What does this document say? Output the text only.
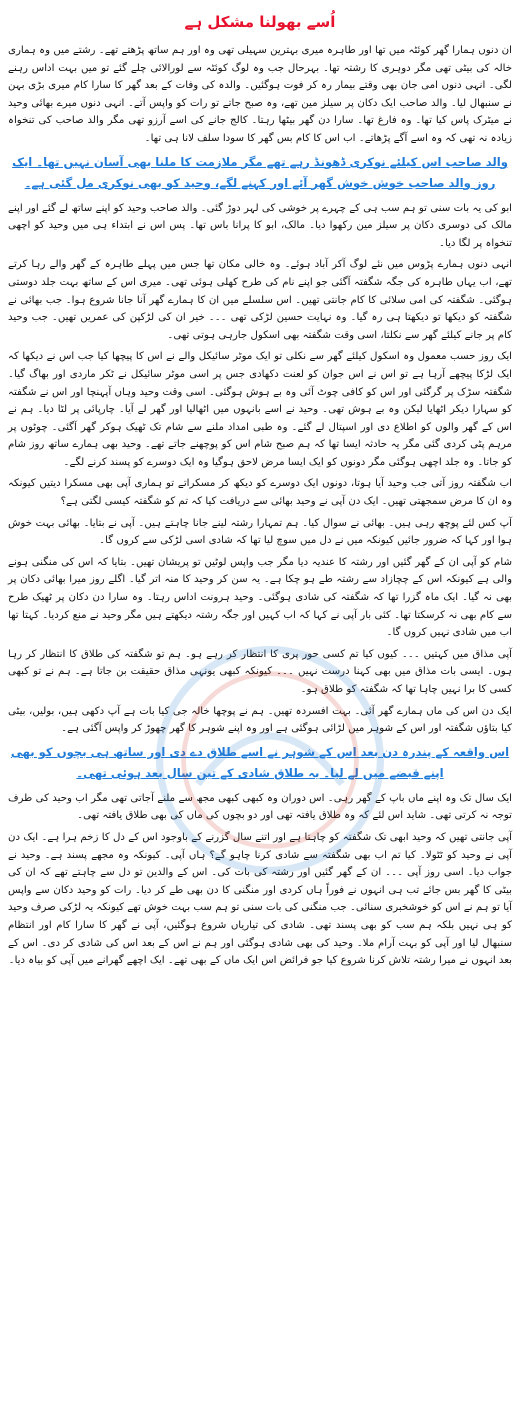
اُسے بھولنا مشکل ہے

ان دنوں ہمارا گھر کوئٹہ میں تھا اور طاہرہ میری بہترین سہیلی تھی وہ اور ہم ساتھ پڑھتے تھے۔ رشتے میں وہ ہماری خالہ کی بیٹی تھی مگر دوہری کا رشتہ تھا۔ بہرحال جب وہ لوگ کوئٹہ سے لورالائی چلے گئے تو میں بہت اداس رہنے لگی۔ انہی دنوں امی جان بھی وقتے بیمار رہ کر فوت ہوگئیں۔ والدہ کی وفات کے بعد گھر کا سارا کام میری بڑی بہن نے سنبھال لیا۔ والد صاحب ایک دکان پر سیلز مین تھے، وہ صبح جاتے تو رات کو واپس آتے۔ انہی دنوں میرے بھائی وحید نے میٹرک پاس کیا تھا۔ وہ فارغ تھا۔ سارا دن گھر بیٹھا رہتا۔ کالج جانے کی اسے آرزو تھی مگر والد صاحب کی تنخواہ زیادہ نہ تھی کہ وہ اسے آگے پڑھاتے۔ اب اس کا کام بس گھر کا سودا سلف لانا ہی تھا۔

والد صاحب اس کیلئے نوکری ڈھونڈ رہے تھے مگر ملازمت کا ملنا بھی آسان نہیں تھا۔ ایک روز والد صاحب خوش خوش گھر آئے اور کہنے لگے، وحید کو بھی نوکری مل گئی ہے۔

ابو کی یہ بات سنی تو ہم سب ہی کے چہرے پر خوشی کی لہر دوڑ گئی۔ والد صاحب وحید کو اپنے ساتھ لے گئے اور اپنے مالک کی دوسری دکان پر سیلز مین رکھوا دیا۔ مالک، ابو کا پرانا باس تھا۔ پس اس نے ابتداء ہی میں وحید کو اچھی تنخواہ پر لگا دیا۔

انہی دنوں ہمارے پڑوس میں نئے لوگ آکر آباد ہوئے۔ وہ خالی مکان تھا جس میں پہلے طاہرہ کے گھر والے رہا کرتے تھے، اب یہاں طاہرہ کی جگہ شگفتہ آگئی جو اپنے نام کی طرح کھلی ہوئی تھی۔ میری اس کے ساتھ بہت جلد دوستی ہوگئی۔ شگفتہ کی امی سلائی کا کام جانتی تھیں۔ اس سلسلے میں ان کا ہمارے گھر آنا جانا شروع ہوا۔ جب بھائی نے شگفتہ کو دیکھا تو دیکھتا ہی رہ گیا۔ وہ نہایت حسین لڑکی تھی ۔۔۔ خیر ان کی لڑکپن کی عمریں تھیں۔ جب وحید کام پر جانے کیلئے گھر سے نکلتا، اسی وقت شگفتہ بھی اسکول جارہی ہوتی تھی۔

ایک روز حسب معمول وہ اسکول کیلئے گھر سے نکلی تو ایک موٹر سائیکل والے نے اس کا پیچھا کیا جب اس نے دیکھا کہ ایک لڑکا پیچھے آرہا ہے تو اس نے اس جوان کو لعنت دکھادی جس پر اسی موٹر سائیکل نے ٹکر ماردی اور بھاگ گیا۔ شگفتہ سڑک پر گرگئی اور اس کو کافی چوٹ آئی وہ بے ہوش ہوگئی۔ اسی وقت وحید وہاں آپہنچا اور اس نے شگفتہ کو سہارا دیکر اٹھایا لیکن وہ بے ہوش تھی۔ وحید نے اسے بانہوں میں اٹھالیا اور گھر لے آیا۔ چارپائی پر لٹا دیا۔ ہم نے اس کے گھر والوں کو اطلاع دی اور اسپتال لے گئے۔ وہ طبی امداد ملنے سے شام تک ٹھیک ہوکر گھر آگئی۔ چوٹوں پر مرہم پٹی کردی گئی مگر یہ حادثہ ایسا تھا کہ ہم صبح شام اس کو پوچھنے جاتے تھے۔ وحید بھی ہمارے ساتھ روز شام کو جاتا۔ وہ جلد اچھی ہوگئی مگر دونوں کو ایک ایسا مرض لاحق ہوگیا وہ ایک دوسرے کو پسند کرنے لگے۔

اب شگفتہ روز آتی جب وحید آیا ہوتا، دونوں ایک دوسرے کو دیکھ کر مسکراتے تو ہماری آپی بھی مسکرا دیتیں کیونکہ وہ ان کا مرض سمجھتی تھیں۔ ایک دن آپی نے وحید بھائی سے دریافت کیا کہ تم کو شگفتہ کیسی لگتی ہے؟

آپ کس لئے پوچھ رہی ہیں۔ بھائی نے سوال کیا۔ ہم تمہارا رشتہ لینے جانا چاہتے ہیں۔ آپی نے بتایا۔ بھائی بہت خوش ہوا اور کہا کہ ضرور جائیں کیونکہ میں نے دل میں سوچ لیا تھا کہ شادی اسی لڑکی سے کروں گا۔

شام کو آپی ان کے گھر گئیں اور رشتہ کا عندیہ دیا مگر جب واپس لوٹیں تو پریشان تھیں۔ بتایا کہ اس کی منگنی ہونے والی ہے کیونکہ اس کے چچازاد سے رشتہ طے ہو چکا ہے۔ یہ سن کر وحید کا منہ اتر گیا۔ اگلے روز میرا بھائی دکان پر بھی نہ گیا۔ ایک ماہ گزرا تھا کہ شگفتہ کی شادی ہوگئی۔ وحید ہرونت اداس رہتا۔ وہ سارا دن دکان پر ٹھیک طرح سے کام بھی نہ کرسکتا تھا۔ کئی بار آپی نے کہا کہ اب کہیں اور جگہ رشتہ دیکھتے ہیں مگر وحید نے منع کردیا۔ کہتا تھا اب میں شادی نہیں کروں گا۔

آپی مذاق میں کہتیں ۔۔۔ کیوں کیا تم کسی حور پری کا انتظار کر رہے ہو۔ ہم تو شگفتہ کی طلاق کا انتظار کر رہا ہوں۔ ایسی بات مذاق میں بھی کہنا درست نہیں ۔۔۔ کیونکہ کبھی یونہی مذاق حقیقت بن جاتا ہے۔ ہم نے تو کبھی کسی کا برا نہیں چاہا تھا کہ شگفتہ کو طلاق ہو۔

ایک دن اس کی ماں ہمارے گھر آئی۔ بہت افسردہ تھیں۔ ہم نے پوچھا خالہ جی کیا بات ہے آپ دکھی ہیں، بولیں، بیٹی کیا بتاؤں شگفتہ اور اس کے شوہر میں لڑائی ہوگئی ہے اور وہ اپنے شوہر کا گھر چھوڑ کر واپس آگئی ہے۔

اس واقعہ کے پندرہ دن بعد اس کے شوہر نے اسے طلاق دے دی اور ساتھ ہی بچوں کو بھی اپنے قبضے میں لے لیا۔ یہ طلاق شادی کے تین سال بعد ہوئی تھی۔

ایک سال تک وہ اپنے ماں باپ کے گھر رہی۔ اس دوران وہ کبھی کبھی مجھ سے ملنے آجاتی تھی مگر اب وحید کی طرف توجہ نہ کرتی تھی۔ شاید اس لئے کہ وہ طلاق یافتہ تھی اور دو بچوں کی ماں کی بھی طلاق یافتہ تھی۔

آپی جانتی تھیں کہ وحید ابھی تک شگفتہ کو چاہتا ہے اور اتنے سال گزرنے کے باوجود اس کے دل کا زخم ہرا ہے۔ ایک دن آپی نے وحید کو ٹٹولا۔ کیا تم اب بھی شگفتہ سے شادی کرنا چاہو گے؟ ہاں آپی۔ کیونکہ وہ مجھے پسند ہے۔ وحید نے جواب دیا۔ اسی روز آپی ۔۔۔ ان کے گھر گئیں اور رشتہ کی بات کی۔ اس کے والدین تو دل سے چاہتے تھے کہ ان کی بیٹی کا گھر بس جائے تب ہی انہوں نے فوراً ہاں کردی اور منگنی کا دن بھی طے کر دیا۔ رات کو وحید دکان سے واپس آیا تو ہم نے اس کو خوشخبری سنائی۔ جب منگنی کی بات سنی تو ہم سب بہت خوش تھے کیونکہ یہ لڑکی صرف وحید کو ہی نہیں بلکہ ہم سب کو بھی پسند تھی۔ شادی کی تیاریاں شروع ہوگئیں، آپی نے گھر کا سارا کام اور انتظام سنبھال لیا اور آپی کو بہت آرام ملا۔ وحید کی بھی شادی ہوگئی اور ہم نے اس کے بعد اس کی شادی کر دی۔ اس کے بعد انہوں نے میرا رشتہ تلاش کرنا شروع کیا جو فرائض اس ایک ماں کے بھی تھے۔ ایک اچھے گھرانے میں آپی کو بیاہ دیا۔
